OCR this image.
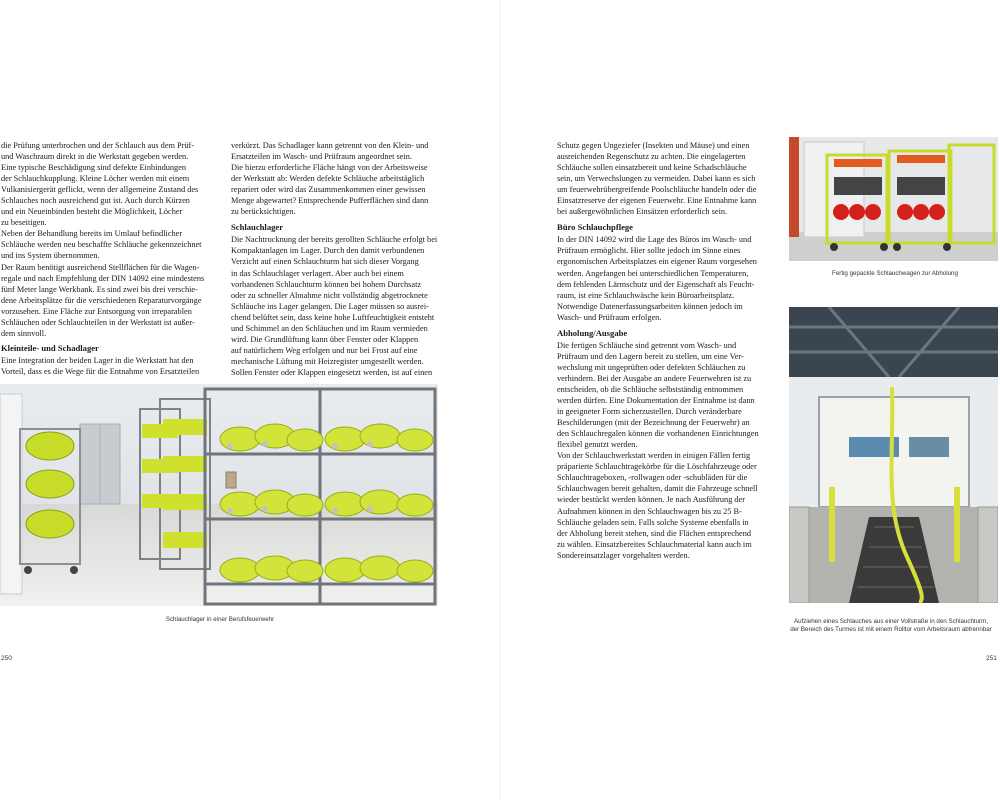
die Prüfung unterbrochen und der Schlauch aus dem Prüf-
und Waschraum direkt in die Werkstatt gegeben werden.
Eine typische Beschädigung sind defekte Einbindungen
der Schlauchkupplung. Kleine Löcher werden mit einem
Vulkanisiergerät geflickt, wenn der allgemeine Zustand des
Schlauches noch ausreichend gut ist. Auch durch Kürzen
und ein Neueinbinden besteht die Möglichkeit, Löcher
zu beseitigen.
Neben der Behandlung bereits im Umlauf befindlicher
Schläuche werden neu beschaffte Schläuche gekennzeichnet
und ins System übernommen.
Der Raum benötigt ausreichend Stellflächen für die Wagen-
regale und nach Empfehlung der DIN 14092 eine mindestens
fünf Meter lange Werkbank. Es sind zwei bis drei verschie-
dene Arbeitsplätze für die verschiedenen Reparaturvorgänge
vorzusehen. Eine Fläche zur Entsorgung von irreparablen
Schläuchen oder Schlauchteilen in der Werkstatt ist außer-
dem sinnvoll.
Kleinteile- und Schadlager
Eine Integration der beiden Lager in die Werkstatt hat den
Vorteil, dass es die Wege für die Entnahme von Ersatzteilen
verkürzt. Das Schadlager kann getrennt von den Klein- und
Ersatzteilen im Wasch- und Prüfraum angeordnet sein.
Die hierzu erforderliche Fläche hängt von der Arbeitsweise
der Werkstatt ab: Werden defekte Schläuche arbeitstäglich
repariert oder wird das Zusammenkommen einer gewissen
Menge abgewartet? Entsprechende Pufferflächen sind dann
zu berücksichtigen.
Schlauchlager
Die Nachtrocknung der bereits gerollten Schläuche erfolgt bei
Kompaktanlagen im Lager. Durch den damit verbundenen
Verzicht auf einen Schlauchturm hat sich dieser Vorgang
in das Schlauchlager verlagert. Aber auch bei einem
vorhandenen Schlauchturm können bei hohem Durchsatz
oder zu schneller Abnahme nicht vollständig abgetrocknete
Schläuche ins Lager gelangen. Die Lager müssen so ausrei-
chend belüftet sein, dass keine hohe Luftfeuchtigkeit entsteht
und Schimmel an den Schläuchen und im Raum vermieden
wird. Die Grundlüftung kann über Fenster oder Klappen
auf natürlichem Weg erfolgen und nur bei Frost auf eine
mechanische Lüftung mit Heizregister umgestellt werden.
Sollen Fenster oder Klappen eingesetzt werden, ist auf einen
Schlauchlager in einer Berufsfeuerwehr
250
Schutz gegen Ungeziefer (Insekten und Mäuse) und einen
ausreichenden Regenschutz zu achten. Die eingelagerten
Schläuche sollen einsatzbereit und keine Schadschläuche
sein, um Verwechslungen zu vermeiden. Dabei kann es sich
um feuerwehrübergreifende Poolschläuche handeln oder die
Einsatzreserve der eigenen Feuerwehr. Eine Entnahme kann
bei außergewöhnlichen Einsätzen erforderlich sein.
Büro Schlauchpflege
In der DIN 14092 wird die Lage des Büros im Wasch- und
Prüfraum ermöglicht. Hier sollte jedoch im Sinne eines
ergonomischen Arbeitsplatzes ein eigener Raum vorgesehen
werden. Angefangen bei unterschiedlichen Temperaturen,
dem fehlenden Lärmschutz und der Eigenschaft als Feucht-
raum, ist eine Schlauchwäsche kein Büroarbeitsplatz.
Notwendige Datenerfassungsarbeiten können jedoch im
Wasch- und Prüfraum erfolgen.
Abholung/Ausgabe
Die fertigen Schläuche sind getrennt vom Wasch- und
Prüfraum und den Lagern bereit zu stellen, um eine Ver-
wechslung mit ungeprüften oder defekten Schläuchen zu
verhindern. Bei der Ausgabe an andere Feuerwehren ist zu
entscheiden, ob die Schläuche selbstständig entnommen
werden dürfen. Eine Dokumentation der Entnahme ist dann
in geeigneter Form sicherzustellen. Durch veränderbare
Beschilderungen (mit der Bezeichnung der Feuerwehr) an
den Schlauchregalen können die vorhandenen Einrichtungen
flexibel genutzt werden.
Von der Schlauchwerkstatt werden in einigen Fällen fertig
präparierte Schlauchtragekörbe für die Löschfahrzeuge oder
Schlauchtrageboxen, -rollwagen oder -schubläden für die
Schlauchwagen bereit gehalten, damit die Fahrzeuge schnell
wieder bestückt werden können. Je nach Ausführung der
Aufnahmen können in den Schlauchwagen bis zu 25 B-
Schläuche geladen sein. Falls solche Systeme ebenfalls in
der Abholung bereit stehen, sind die Flächen entsprechend
zu wählen. Einsatzbereites Schlauchmaterial kann auch im
Sondereinsatzlager vorgehalten werden.
Fertig gepackte Schlauchwagen zur Abholung
Aufziehen eines Schlauches aus einer Vollstraße in den Schlauchturm,
der Bereich des Turmes ist mit einem Rolltor vom Arbeitsraum abtrennbar
251
